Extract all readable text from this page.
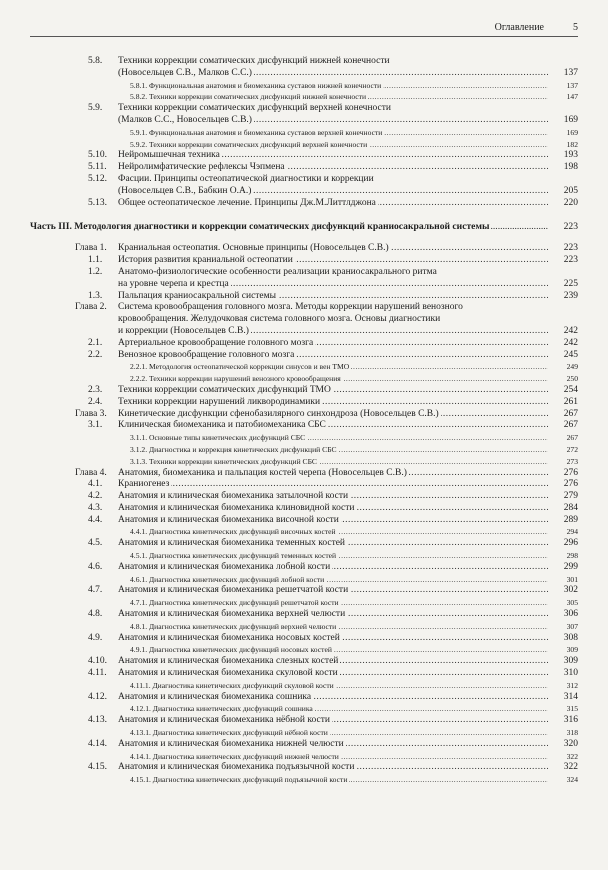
Оглавление	5
5.8. Техники коррекции соматических дисфункций нижней конечности
(Новосельцев С.В., Малков С.С.) .....	137
5.8.1. Функциональная анатомия и биомеханика суставов нижней конечности .....	137
5.8.2. Техники коррекции соматических дисфункций нижней конечности .....	147
5.9. Техники коррекции соматических дисфункций верхней конечности
(Малков С.С., Новосельцев С.В.) .....	169
5.9.1. Функциональная анатомия и биомеханика суставов верхней конечности .....	169
5.9.2. Техники коррекции соматических дисфункций верхней конечности .....	182
5.10. Нейромышечная техника .....	193
5.11. Нейролимфатические рефлексы Чэпмена .....	198
5.12. Фасции. Принципы остеопатической диагностики и коррекции
(Новосельцев С.В., Бабкин О.А.) .....	205
5.13. Общее остеопатическое лечение. Принципы Дж.М.Литтлджона .....	220
Часть III. Методология диагностики и коррекции соматических дисфункций краниосакральной системы .....	223
Глава 1. Краниальная остеопатия. Основные принципы (Новосельцев С.В.) .....	223
1.1. История развития краниальной остеопатии .....	223
1.2. Анатомо-физиологические особенности реализации краниосакрального ритма
на уровне черепа и крестца .....	225
1.3. Пальпация краниосакральной системы .....	239
Глава 2. Система кровообращения головного мозга. Методы коррекции нарушений венозного
кровообращения. Желудочковая система головного мозга. Основы диагностики
и коррекции (Новосельцев С.В.) .....	242
2.1. Артериальное кровообращение головного мозга .....	242
2.2. Венозное кровообращение головного мозга .....	245
2.2.1. Методология остеопатической коррекции синусов и вен ТМО .....	249
2.2.2. Техники коррекции нарушений венозного кровообращения .....	250
2.3. Техники коррекции соматических дисфункций ТМО .....	254
2.4. Техники коррекции нарушений ликвородинамики .....	261
Глава 3. Кинетические дисфункции сфенобазилярного синхондроза (Новосельцев С.В.) .....	267
3.1. Клиническая биомеханика и патобиомеханика СБС .....	267
3.1.1. Основные типы кинетических дисфункций СБС .....	267
3.1.2. Диагностика и коррекция кинетических дисфункций СБС .....	272
3.1.3. Техники коррекции кинетических дисфункций СБС .....	273
Глава 4. Анатомия, биомеханика и пальпация костей черепа (Новосельцев С.В.) .....	276
4.1. Краниогенез .....	276
4.2. Анатомия и клиническая биомеханика затылочной кости .....	279
4.3. Анатомия и клиническая биомеханика клиновидной кости .....	284
4.4. Анатомия и клиническая биомеханика височной кости .....	289
4.4.1. Диагностика кинетических дисфункций височных костей .....	294
4.5. Анатомия и клиническая биомеханика теменных костей .....	296
4.5.1. Диагностика кинетических дисфункций теменных костей .....	298
4.6. Анатомия и клиническая биомеханика лобной кости .....	299
4.6.1. Диагностика кинетических дисфункций лобной кости .....	301
4.7. Анатомия и клиническая биомеханика решетчатой кости .....	302
4.7.1. Диагностика кинетических дисфункций решетчатой кости .....	305
4.8. Анатомия и клиническая биомеханика верхней челюсти .....	306
4.8.1. Диагностика кинетических дисфункций верхней челюсти .....	307
4.9. Анатомия и клиническая биомеханика носовых костей .....	308
4.9.1. Диагностика кинетических дисфункций носовых костей .....	309
4.10. Анатомия и клиническая биомеханика слезных костей .....	309
4.11. Анатомия и клиническая биомеханика скуловой кости .....	310
4.11.1. Диагностика кинетических дисфункций скуловой кости .....	312
4.12. Анатомия и клиническая биомеханика сошника .....	314
4.12.1. Диагностика кинетических дисфункций сошника .....	315
4.13. Анатомия и клиническая биомеханика нёбной кости .....	316
4.13.1. Диагностика кинетических дисфункций нёбной кости .....	318
4.14. Анатомия и клиническая биомеханика нижней челюсти .....	320
4.14.1. Диагностика кинетических дисфункций нижней челюсти .....	322
4.15. Анатомия и клиническая биомеханика подъязычной кости .....	322
4.15.1. Диагностика кинетических дисфункций подъязычной кости .....	324
